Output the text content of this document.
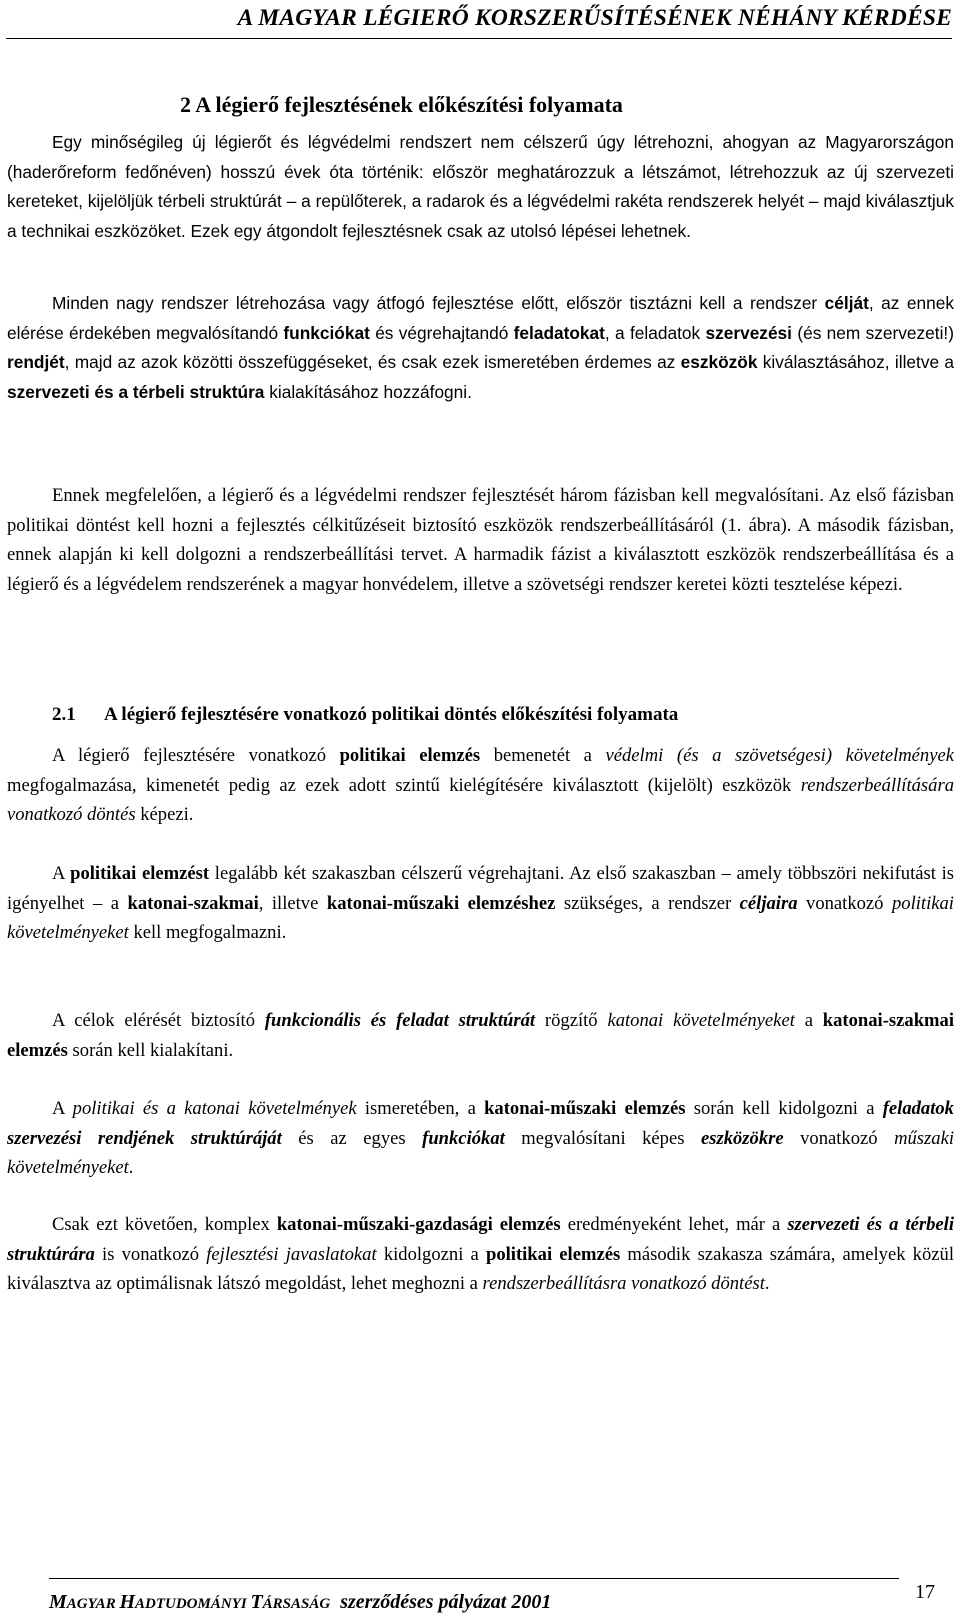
A MAGYAR LÉGIERŐ KORSZERŰSÍTÉSÉNEK NÉHÁNY KÉRDÉSE
2 A légierő fejlesztésének előkészítési folyamata
Egy minőségileg új légierőt és légvédelmi rendszert nem célszerű úgy létrehozni, ahogyan az Magyarországon (haderőreform fedőnéven) hosszú évek óta történik: először meghatározzuk a létszámot, létrehozzuk az új szervezeti kereteket, kijelöljük térbeli struktúrát – a repülőterek, a radarok és a légvédelmi rakéta rendszerek helyét – majd kiválasztjuk a technikai eszközöket. Ezek egy átgondolt fejlesztésnek csak az utolsó lépései lehetnek.
Minden nagy rendszer létrehozása vagy átfogó fejlesztése előtt, először tisztázni kell a rendszer célját, az ennek elérése érdekében megvalósítandó funkciókat és végrehajtandó feladatokat, a feladatok szervezési (és nem szervezeti!) rendjét, majd az azok közötti összefüggéseket, és csak ezek ismeretében érdemes az eszközök kiválasztásához, illetve a szervezeti és a térbeli struktúra kialakításához hozzáfogni.
Ennek megfelelően, a légierő és a légvédelmi rendszer fejlesztését három fázisban kell megvalósítani. Az első fázisban politikai döntést kell hozni a fejlesztés célkitűzéseit biztosító eszközök rendszerbeállításáról (1. ábra). A második fázisban, ennek alapján ki kell dolgozni a rendszerbeállítási tervet. A harmadik fázist a kiválasztott eszközök rendszerbeállítása és a légierő és a légvédelem rendszerének a magyar honvédelem, illetve a szövetségi rendszer keretei közti tesztelése képezi.
2.1 A légierő fejlesztésére vonatkozó politikai döntés előkészítési folyamata
A légierő fejlesztésére vonatkozó politikai elemzés bemenetét a védelmi (és a szövetségesi) követelmények megfogalmazása, kimenetét pedig az ezek adott szintű kielégítésére kiválasztott (kijelölt) eszközök rendszerbeállítására vonatkozó döntés képezi.
A politikai elemzést legalább két szakaszban célszerű végrehajtani. Az első szakaszban – amely többszöri nekifutást is igényelhet – a katonai-szakmai, illetve katonai-műszaki elemzéshez szükséges, a rendszer céljaira vonatkozó politikai követelményeket kell megfogalmazni.
A célok elérését biztosító funkcionális és feladat struktúrát rögzítő katonai követelményeket a katonai-szakmai elemzés során kell kialakítani.
A politikai és a katonai követelmények ismeretében, a katonai-műszaki elemzés során kell kidolgozni a feladatok szervezési rendjének struktúráját és az egyes funkciókat megvalósítani képes eszközökre vonatkozó műszaki követelményeket.
Csak ezt követően, komplex katonai-műszaki-gazdasági elemzés eredményeként lehet, már a szervezeti és a térbeli struktúrára is vonatkozó fejlesztési javaslatokat kidolgozni a politikai elemzés második szakasza számára, amelyek közül kiválasztva az optimálisnak látszó megoldást, lehet meghozni a rendszerbeállításra vonatkozó döntést.
MAGYAR HADTUDOMÁNYI TÁRSASÁG  szerződéses pályázat 2001	17
